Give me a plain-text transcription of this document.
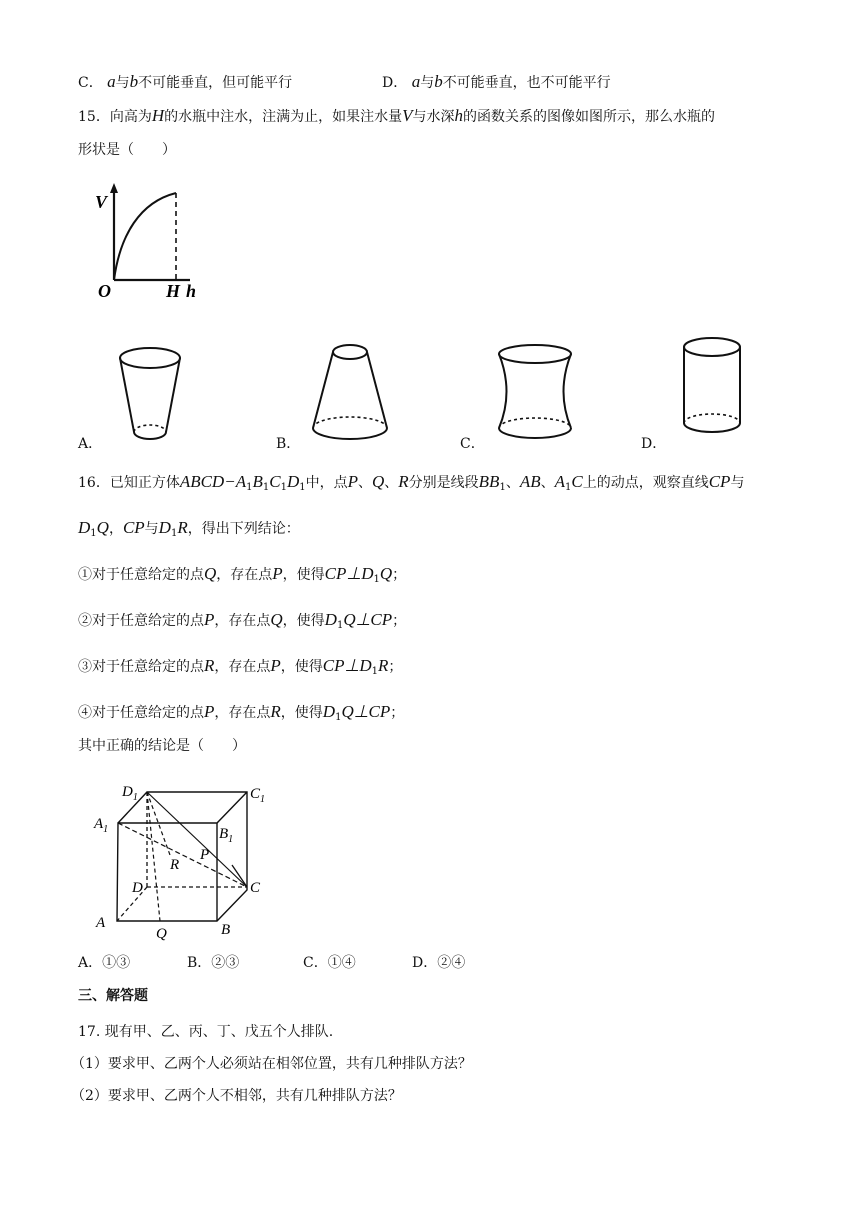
C． a与b不可能垂直，但可能平行	D． a与b不可能垂直，也不可能平行
15．向高为H的水瓶中注水，注满为止，如果注水量V与水深h的函数关系的图像如图所示，那么水瓶的
形状是（　　）
V
O	H h
A．	B．	C．	D．
16．已知正方体$ABCD-A_1B_1C_1D_1$中，点P、Q、R分别是线段$BB_1$、AB、$A_1C$上的动点，观察直线CP与
$D_1Q$，CP与$D_1R$，得出下列结论：
①对于任意给定的点Q，存在点P，使得$CP\perp D_1Q$；
②对于任意给定的点P，存在点Q，使得$D_1Q\perp CP$；
③对于任意给定的点R，存在点P，使得$CP\perp D_1R$；
④对于任意给定的点P，存在点R，使得$D_1Q\perp CP$；
其中正确的结论是（　　）
$D_1$	$C_1$
$A_1$	$B_1$
R
P
D	C
A	B
Q
A．①③	B．②③	C．①④	D．②④
三、解答题
17. 现有甲、乙、丙、丁、戊五个人排队.
（1）要求甲、乙两个人必须站在相邻位置，共有几种排队方法？
（2）要求甲、乙两个人不相邻，共有几种排队方法？
